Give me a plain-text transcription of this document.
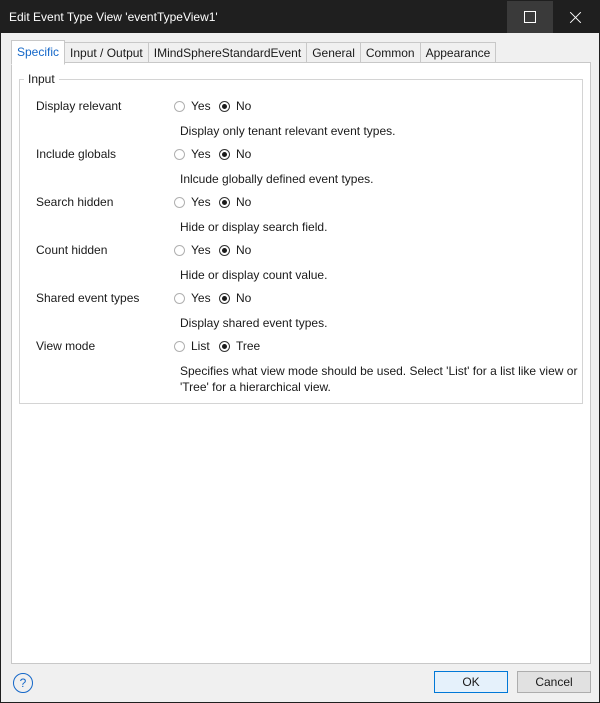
Edit Event Type View 'eventTypeView1'
Specific Input / Output IMindSphereStandardEvent General Common Appearance
Input
Display relevant	Yes No
Display only tenant relevant event types.
Include globals	Yes No
Inlcude globally defined event types.
Search hidden	Yes No
Hide or display search field.
Count hidden	Yes No
Hide or display count value.
Shared event types	Yes No
Display shared event types.
View mode	List Tree
Specifies what view mode should be used. Select 'List' for a list like view or 'Tree' for a hierarchical view.
?	OK	Cancel
